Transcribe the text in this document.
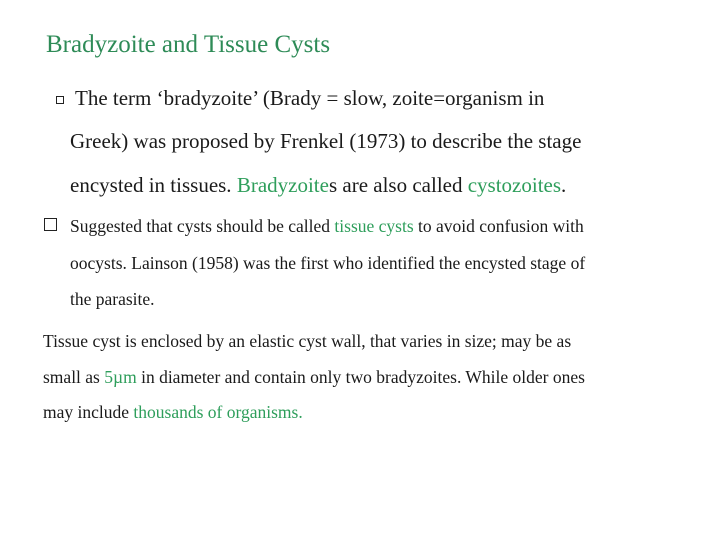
Bradyzoite and Tissue Cysts
The term ‘bradyzoite’ (Brady = slow, zoite=organism in
Greek) was proposed by Frenkel (1973) to describe the stage
encysted in tissues. Bradyzoites are also called cystozoites.
Suggested that cysts should be called tissue cysts to avoid confusion with
oocysts. Lainson (1958) was the first who identified the encysted stage of
the parasite.
Tissue cyst is enclosed by an elastic cyst wall, that varies in size; may be as
small as 5µm in diameter and contain only two bradyzoites. While older ones
may include thousands of organisms.
